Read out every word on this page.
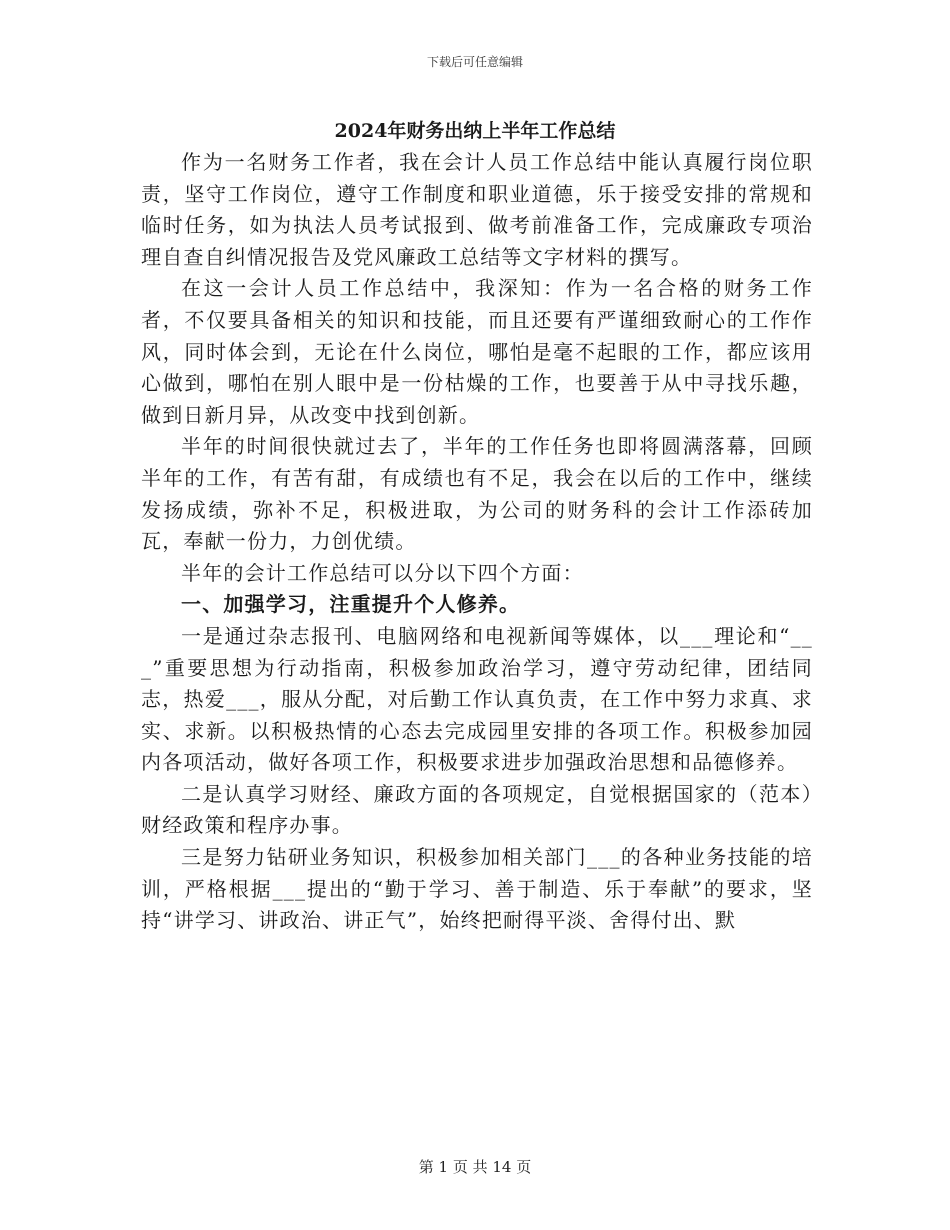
下载后可任意编辑
2024年财务出纳上半年工作总结

作为一名财务工作者，我在会计人员工作总结中能认真履行岗位职责，坚守工作岗位，遵守工作制度和职业道德，乐于接受安排的常规和临时任务，如为执法人员考试报到、做考前准备工作，完成廉政专项治理自查自纠情况报告及党风廉政工总结等文字材料的撰写。

在这一会计人员工作总结中，我深知：作为一名合格的财务工作者，不仅要具备相关的知识和技能，而且还要有严谨细致耐心的工作作风，同时体会到，无论在什么岗位，哪怕是毫不起眼的工作，都应该用心做到，哪怕在别人眼中是一份枯燥的工作，也要善于从中寻找乐趣，做到日新月异，从改变中找到创新。

半年的时间很快就过去了，半年的工作任务也即将圆满落幕，回顾半年的工作，有苦有甜，有成绩也有不足，我会在以后的工作中，继续发扬成绩，弥补不足，积极进取，为公司的财务科的会计工作添砖加瓦，奉献一份力，力创优绩。

半年的会计工作总结可以分以下四个方面：

一、加强学习，注重提升个人修养。

一是通过杂志报刊、电脑网络和电视新闻等媒体，以___理论和“___”重要思想为行动指南，积极参加政治学习，遵守劳动纪律，团结同志，热爱___，服从分配，对后勤工作认真负责，在工作中努力求真、求实、求新。以积极热情的心态去完成园里安排的各项工作。积极参加园内各项活动，做好各项工作，积极要求进步加强政治思想和品德修养。

二是认真学习财经、廉政方面的各项规定，自觉根据国家的（范本）财经政策和程序办事。

三是努力钻研业务知识，积极参加相关部门___的各种业务技能的培训，严格根据___提出的“勤于学习、善于制造、乐于奉献”的要求，坚持“讲学习、讲政治、讲正气”，始终把耐得平淡、舍得付出、默

第 1 页 共 14 页
